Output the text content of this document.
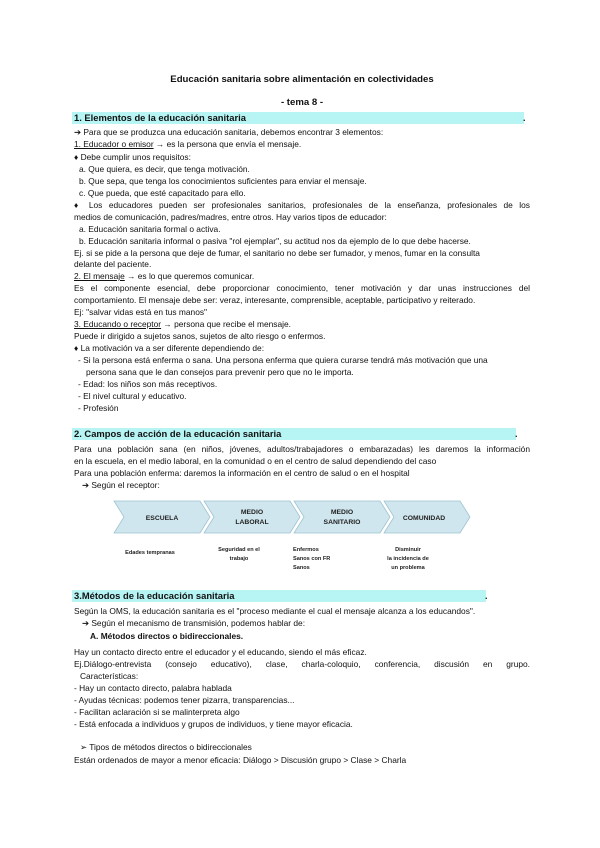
Educación sanitaria sobre alimentación en colectividades
- tema 8 -
1. Elementos de la educación sanitaria	.
➔ Para que se produzca una educación sanitaria, debemos encontrar 3 elementos:
1. Educador o emisor → es la persona que envía el mensaje.
♦ Debe cumplir unos requisitos:
a. Que quiera, es decir, que tenga motivación.
b. Que sepa, que tenga los conocimientos suficientes para enviar el mensaje.
c. Que pueda, que esté capacitado para ello.
♦ Los educadores pueden ser profesionales sanitarios, profesionales de la enseñanza, profesionales de los
medios de comunicación, padres/madres, entre otros. Hay varios tipos de educador:
a. Educación sanitaria formal o activa.
b. Educación sanitaria informal o pasiva "rol ejemplar", su actitud nos da ejemplo de lo que debe hacerse.
Ej. si se pide a la persona que deje de fumar, el sanitario no debe ser fumador, y menos, fumar en la consulta
delante del paciente.
2. El mensaje → es lo que queremos comunicar.
Es el componente esencial, debe proporcionar conocimiento, tener motivación y dar unas instrucciones del
comportamiento. El mensaje debe ser: veraz, interesante, comprensible, aceptable, participativo y reiterado.
Ej: "salvar vidas está en tus manos"
3. Educando o receptor → persona que recibe el mensaje.
Puede ir dirigido a sujetos sanos, sujetos de alto riesgo o enfermos.
♦ La motivación va a ser diferente dependiendo de:
- Si la persona está enferma o sana. Una persona enferma que quiera curarse tendrá más motivación que una
persona sana que le dan consejos para prevenir pero que no le importa.
- Edad: los niños son más receptivos.
- El nivel cultural y educativo.
- Profesión
2. Campos de acción de la educación sanitaria	.
Para una población sana (en niños, jóvenes, adultos/trabajadores o embarazadas) les daremos la información
en la escuela, en el medio laboral, en la comunidad o en el centro de salud dependiendo del caso
Para una población enferma: daremos la información en el centro de salud o en el hospital
➔ Según el receptor:
ESCUELA
MEDIO
LABORAL
MEDIO
SANITARIO
COMUNIDAD
Edades tempranas	Seguridad en el
trabajo
Enfermos
Sanos con FR
Sanos
Disminuir
la incidencia de
un problema
3.Métodos de la educación sanitaria	.
Según la OMS, la educación sanitaria es el "proceso mediante el cual el mensaje alcanza a los educandos".
➔ Según el mecanismo de transmisión, podemos hablar de:
A. Métodos directos o bidireccionales.
Hay un contacto directo entre el educador y el educando, siendo el más eficaz.
Ej.Diálogo-entrevista (consejo educativo), clase, charla-coloquio, conferencia, discusión en grupo.
Características:
- Hay un contacto directo, palabra hablada
- Ayudas técnicas: podemos tener pizarra, transparencias...
- Facilitan aclaración si se malinterpreta algo
- Está enfocada a individuos y grupos de individuos, y tiene mayor eficacia.
➢ Tipos de métodos directos o bidireccionales
Están ordenados de mayor a menor eficacia: Diálogo > Discusión grupo > Clase > Charla
